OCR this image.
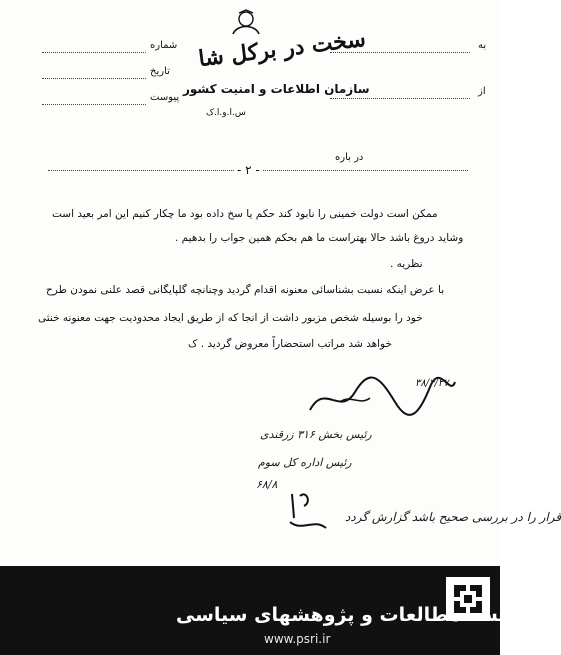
شماره
تاریخ
پیوست
به
از
سخت در برکل شا
سازمان اطلاعات و امنیت کشور
س.ا.و.ا.ک
در باره
- ۲ -
ممکن است دولت خمینی را نابود کند حکم یا سخ داده بود ما چکار کنیم این امر بعید است
وشاید دروغ باشد حالا بهتراست ما هم بحکم همین جواب را بدهیم .
نظریه .
با عرض اینکه نسبت بشناسائی معنونه اقدام گردید وچنانچه گلپایگانی قصد علنی نمودن طرح
خود را بوسیله شخص مزبور داشت از انجا که از طریق ایجاد محدودیت جهت معنونه خنثی
خواهد شد مراتب استحضاراً معروض گردید . ک
۳۸/۴/۲۷
رئیس بخش ۳۱۶ زرقندی
رئیس اداره کل سوم
۶۸/۸
قرار را در بررسی صحیح باشد گزارش گردد
مؤسسه مطالعات و پژوهشهای سیاسی
www.psri.ir
